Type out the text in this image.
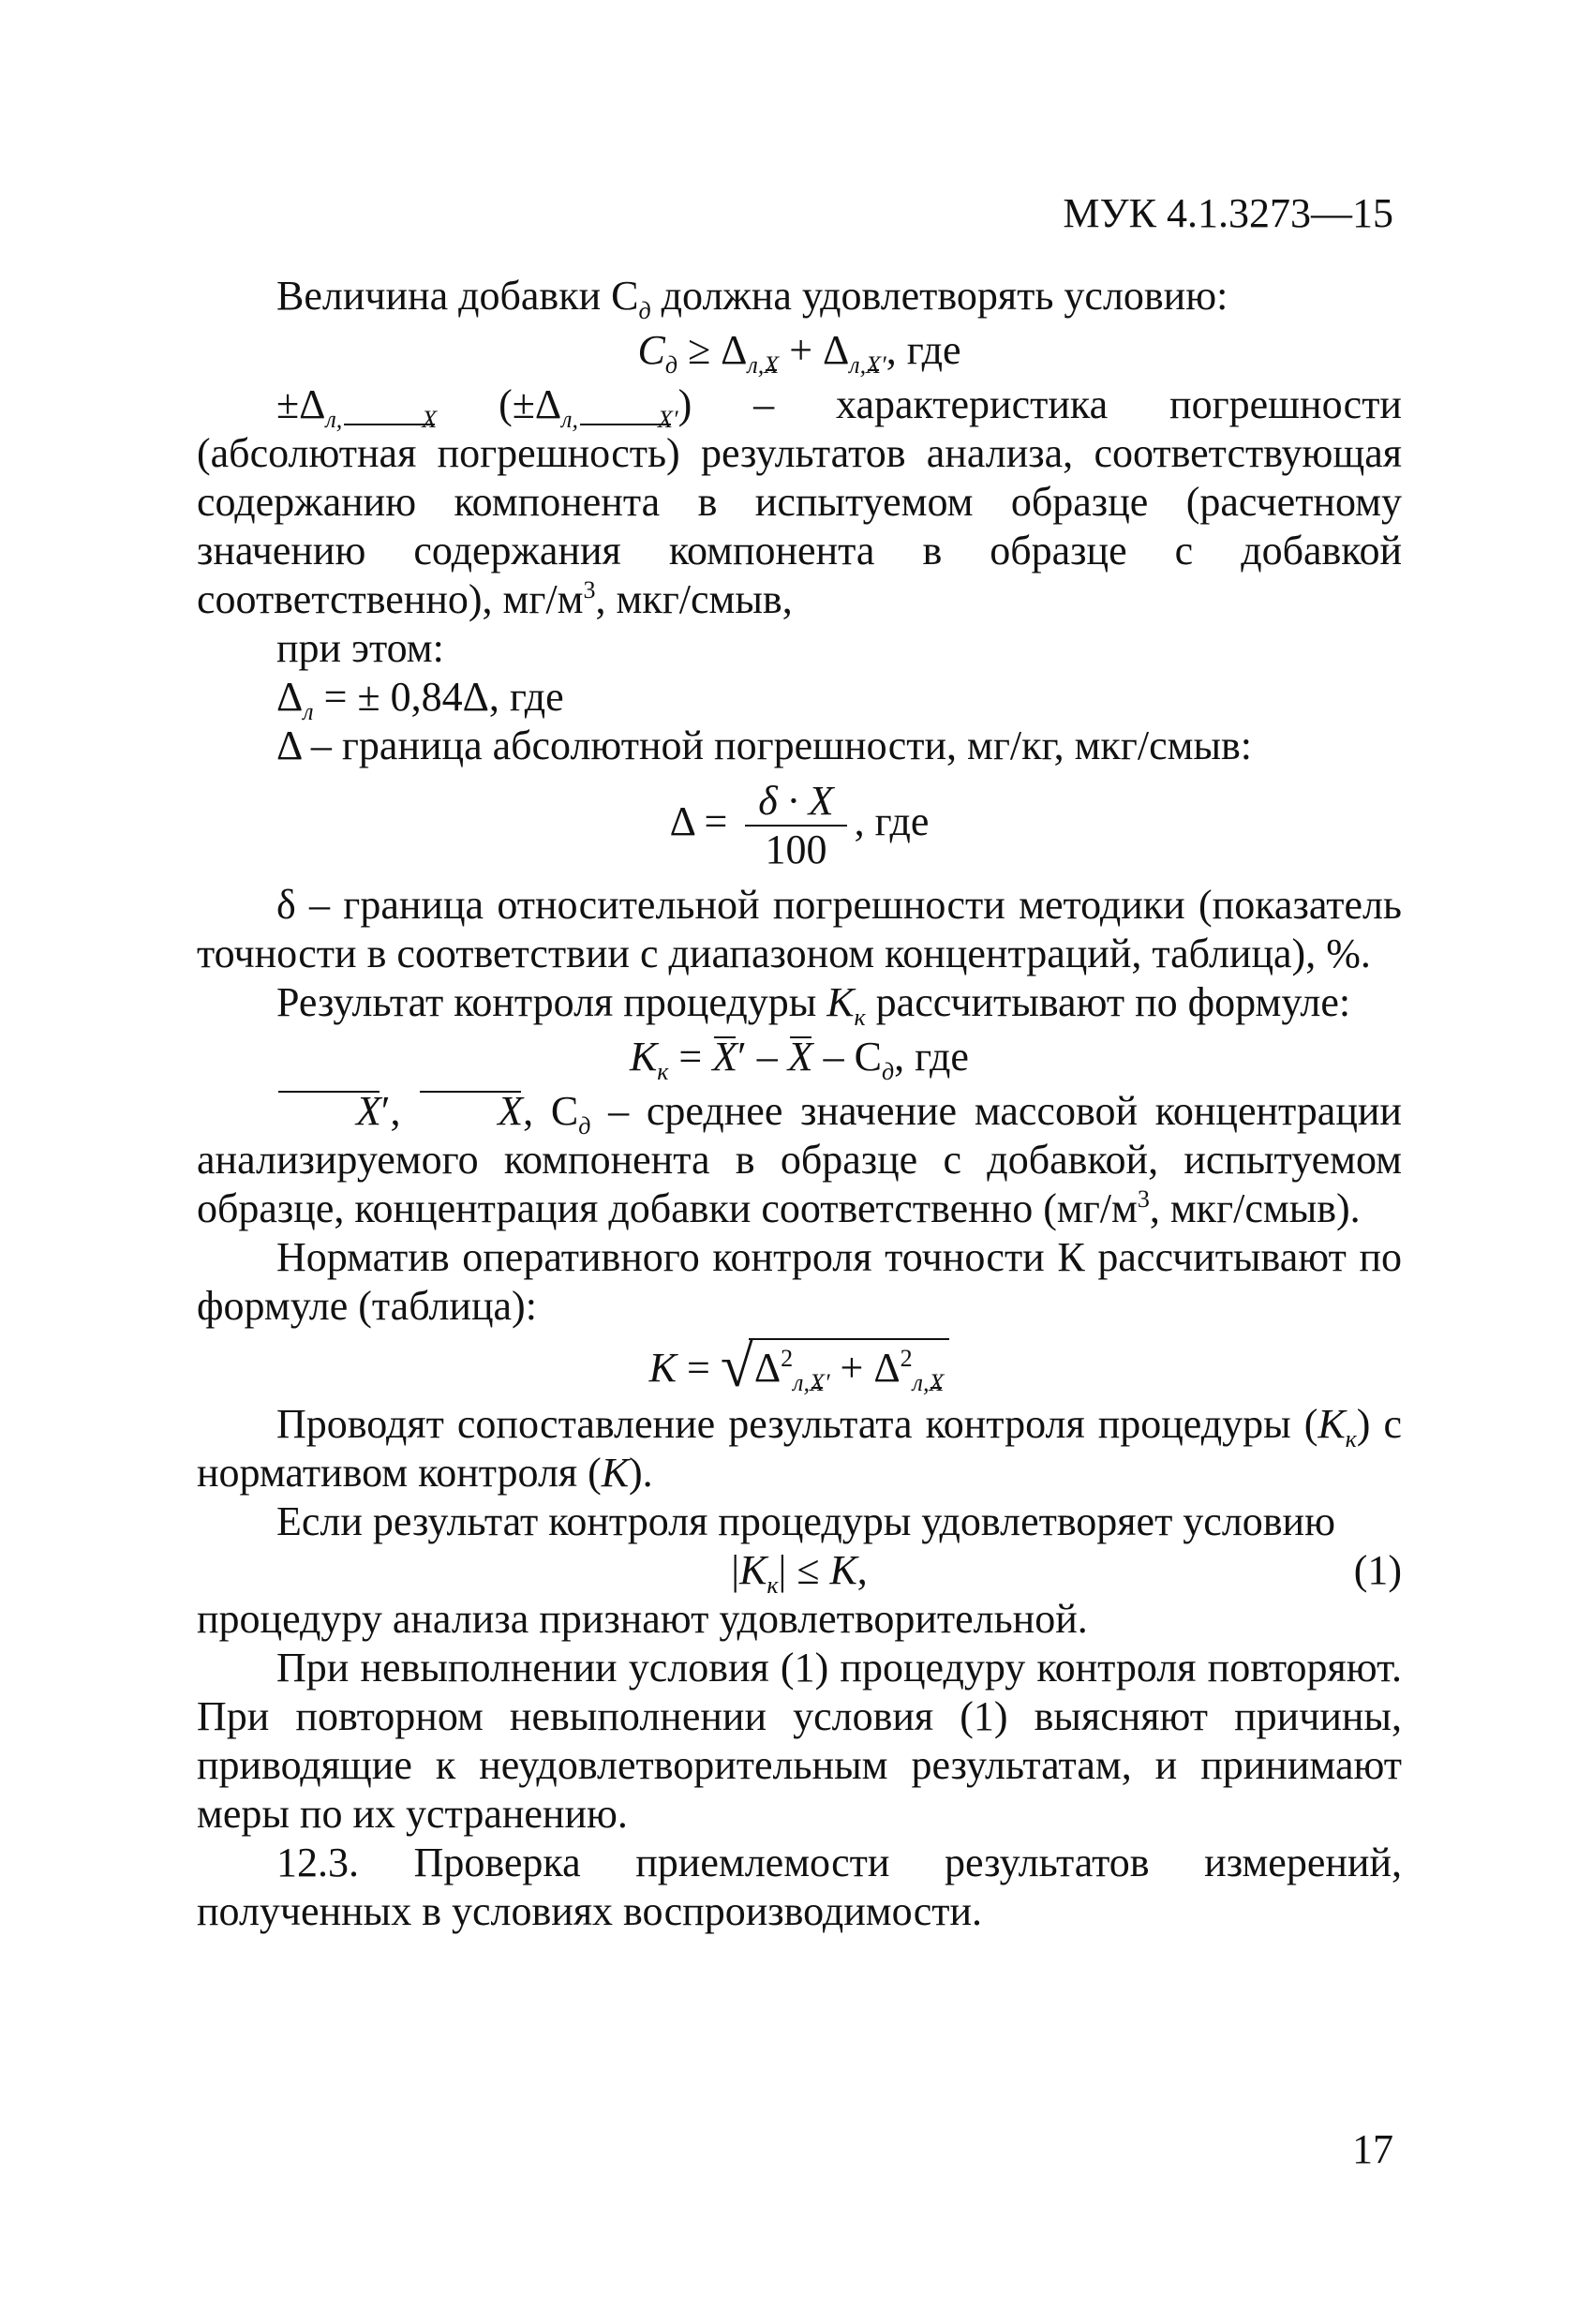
МУК 4.1.3273—15

Величина добавки $С_д$ должна удовлетворять условию:

$С_д \ge \Delta_{л,X} + \Delta_{л,X'}$, где

$\pm\Delta_{л, X}$ $(\pm\Delta_{л, X'})$ – характеристика погрешности (абсолютная погрешность) результатов анализа, соответствующая содержанию компонента в испытуемом образце (расчетному значению содержания компонента в образце с добавкой соответственно), $мг/м^3$, мкг/смыв,

при этом:

$\Delta_л$ = ± 0,84Δ, где

Δ – граница абсолютной погрешности, мг/кг, мкг/смыв:

$\Delta = \frac{\delta \cdot X}{100}$ , где

δ – граница относительной погрешности методики (показатель точности в соответствии с диапазоном концентраций, таблица), %.

Результат контроля процедуры $К_к$ рассчитывают по формуле:

$К_к = X' - X - С_д$, где

X′, X, $С_д$ – среднее значение массовой концентрации анализируемого компонента в образце с добавкой, испытуемом образце, концентрация добавки соответственно ($мг/м^3$, мкг/смыв).

Норматив оперативного контроля точности К рассчитывают по формуле (таблица):

K = √ $\Delta^2_{л,X'} + \Delta^2_{л,X}$

Проводят сопоставление результата контроля процедуры $(К_к)$ с нормативом контроля (К).

Если результат контроля процедуры удовлетворяет условию

$|К_к| \le К$,	(1)

процедуру анализа признают удовлетворительной.

При невыполнении условия (1) процедуру контроля повторяют. При повторном невыполнении условия (1) выясняют причины, приводящие к неудовлетворительным результатам, и принимают меры по их устранению.

12.3. Проверка приемлемости результатов измерений, полученных в условиях воспроизводимости.

17
